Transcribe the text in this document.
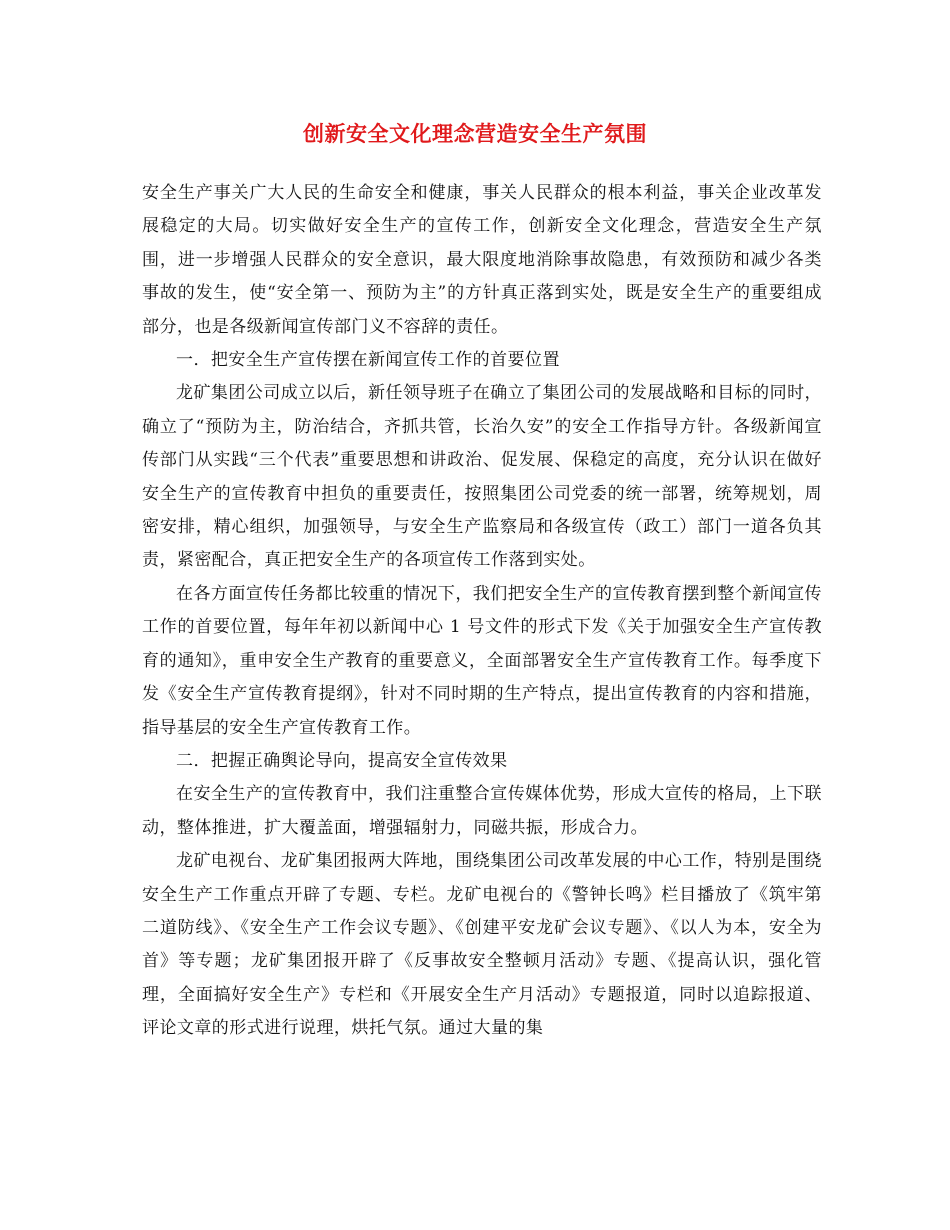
创新安全文化理念营造安全生产氛围

安全生产事关广大人民的生命安全和健康，事关人民群众的根本利益，事关企业改革发展稳定的大局。切实做好安全生产的宣传工作，创新安全文化理念，营造安全生产氛围，进一步增强人民群众的安全意识，最大限度地消除事故隐患，有效预防和减少各类事故的发生，使“安全第一、预防为主”的方针真正落到实处，既是安全生产的重要组成部分，也是各级新闻宣传部门义不容辞的责任。

一．把安全生产宣传摆在新闻宣传工作的首要位置

龙矿集团公司成立以后，新任领导班子在确立了集团公司的发展战略和目标的同时，确立了“预防为主，防治结合，齐抓共管，长治久安”的安全工作指导方针。各级新闻宣传部门从实践“三个代表”重要思想和讲政治、促发展、保稳定的高度，充分认识在做好安全生产的宣传教育中担负的重要责任，按照集团公司党委的统一部署，统筹规划，周密安排，精心组织，加强领导，与安全生产监察局和各级宣传（政工）部门一道各负其责，紧密配合，真正把安全生产的各项宣传工作落到实处。

在各方面宣传任务都比较重的情况下，我们把安全生产的宣传教育摆到整个新闻宣传工作的首要位置，每年年初以新闻中心 1 号文件的形式下发《关于加强安全生产宣传教育的通知》，重申安全生产教育的重要意义，全面部署安全生产宣传教育工作。每季度下发《安全生产宣传教育提纲》，针对不同时期的生产特点，提出宣传教育的内容和措施，指导基层的安全生产宣传教育工作。

二．把握正确舆论导向，提高安全宣传效果

在安全生产的宣传教育中，我们注重整合宣传媒体优势，形成大宣传的格局，上下联动，整体推进，扩大覆盖面，增强辐射力，同磁共振，形成合力。

龙矿电视台、龙矿集团报两大阵地，围绕集团公司改革发展的中心工作，特别是围绕安全生产工作重点开辟了专题、专栏。龙矿电视台的《警钟长鸣》栏目播放了《筑牢第二道防线》、《安全生产工作会议专题》、《创建平安龙矿会议专题》、《以人为本，安全为首》等专题；龙矿集团报开辟了《反事故安全整顿月活动》专题、《提高认识，强化管理，全面搞好安全生产》专栏和《开展安全生产月活动》专题报道，同时以追踪报道、评论文章的形式进行说理，烘托气氛。通过大量的集
